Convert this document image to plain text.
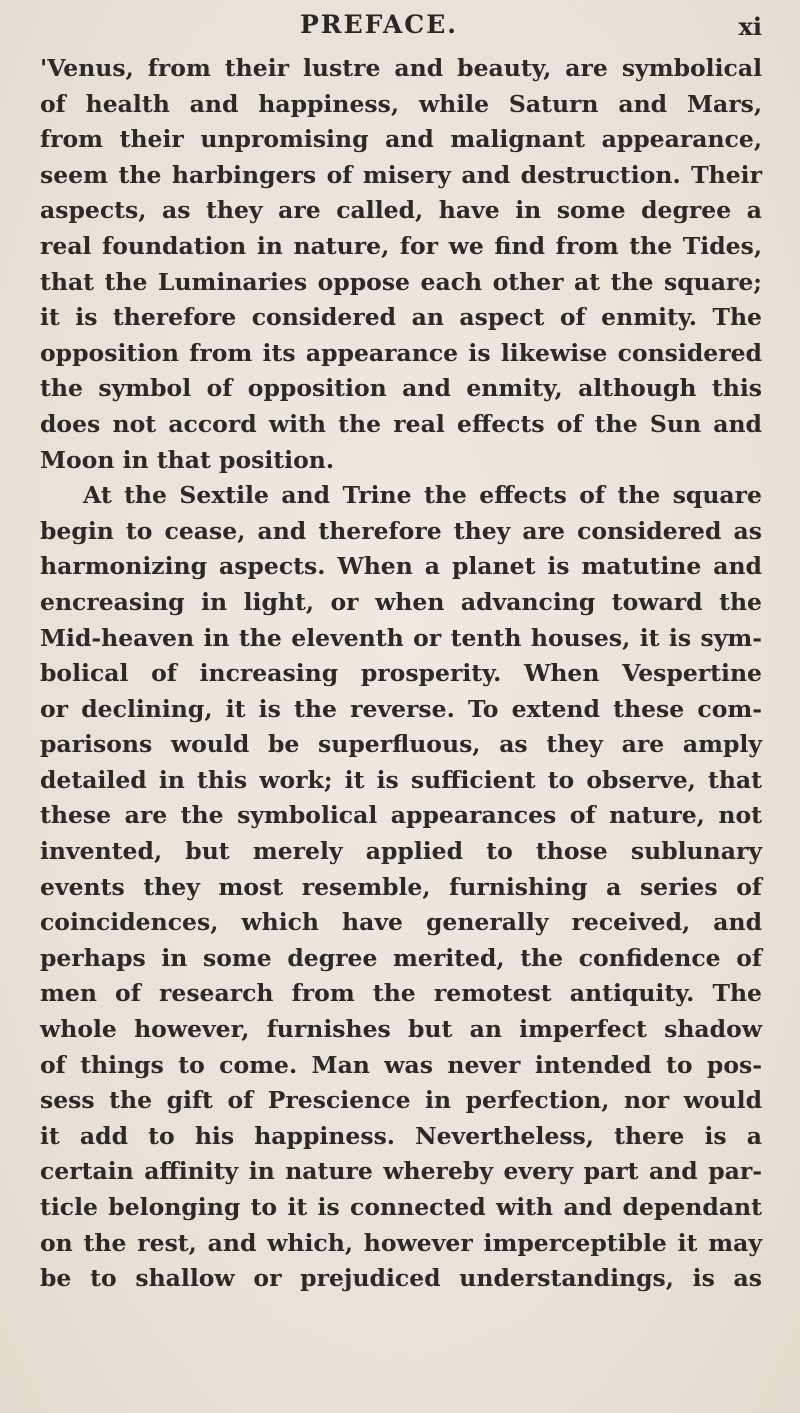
PREFACE.	xi
'Venus, from their lustre and beauty, are symbolical
of health and happiness, while Saturn and Mars,
from their unpromising and malignant appearance,
seem the harbingers of misery and destruction. Their
aspects, as they are called, have in some degree a
real foundation in nature, for we find from the Tides,
that the Luminaries oppose each other at the square;
it is therefore considered an aspect of enmity. The
opposition from its appearance is likewise considered
the symbol of opposition and enmity, although this
does not accord with the real effects of the Sun and
Moon in that position.
At the Sextile and Trine the effects of the square
begin to cease, and therefore they are considered as
harmonizing aspects. When a planet is matutine and
encreasing in light, or when advancing toward the
Mid-heaven in the eleventh or tenth houses, it is sym-
bolical of increasing prosperity. When Vespertine
or declining, it is the reverse. To extend these com-
parisons would be superfluous, as they are amply
detailed in this work; it is sufficient to observe, that
these are the symbolical appearances of nature, not
invented, but merely applied to those sublunary
events they most resemble, furnishing a series of
coincidences, which have generally received, and
perhaps in some degree merited, the confidence of
men of research from the remotest antiquity. The
whole however, furnishes but an imperfect shadow
of things to come. Man was never intended to pos-
sess the gift of Prescience in perfection, nor would
it add to his happiness. Nevertheless, there is a
certain affinity in nature whereby every part and par-
ticle belonging to it is connected with and dependant
on the rest, and which, however imperceptible it may
be to shallow or prejudiced understandings, is as
